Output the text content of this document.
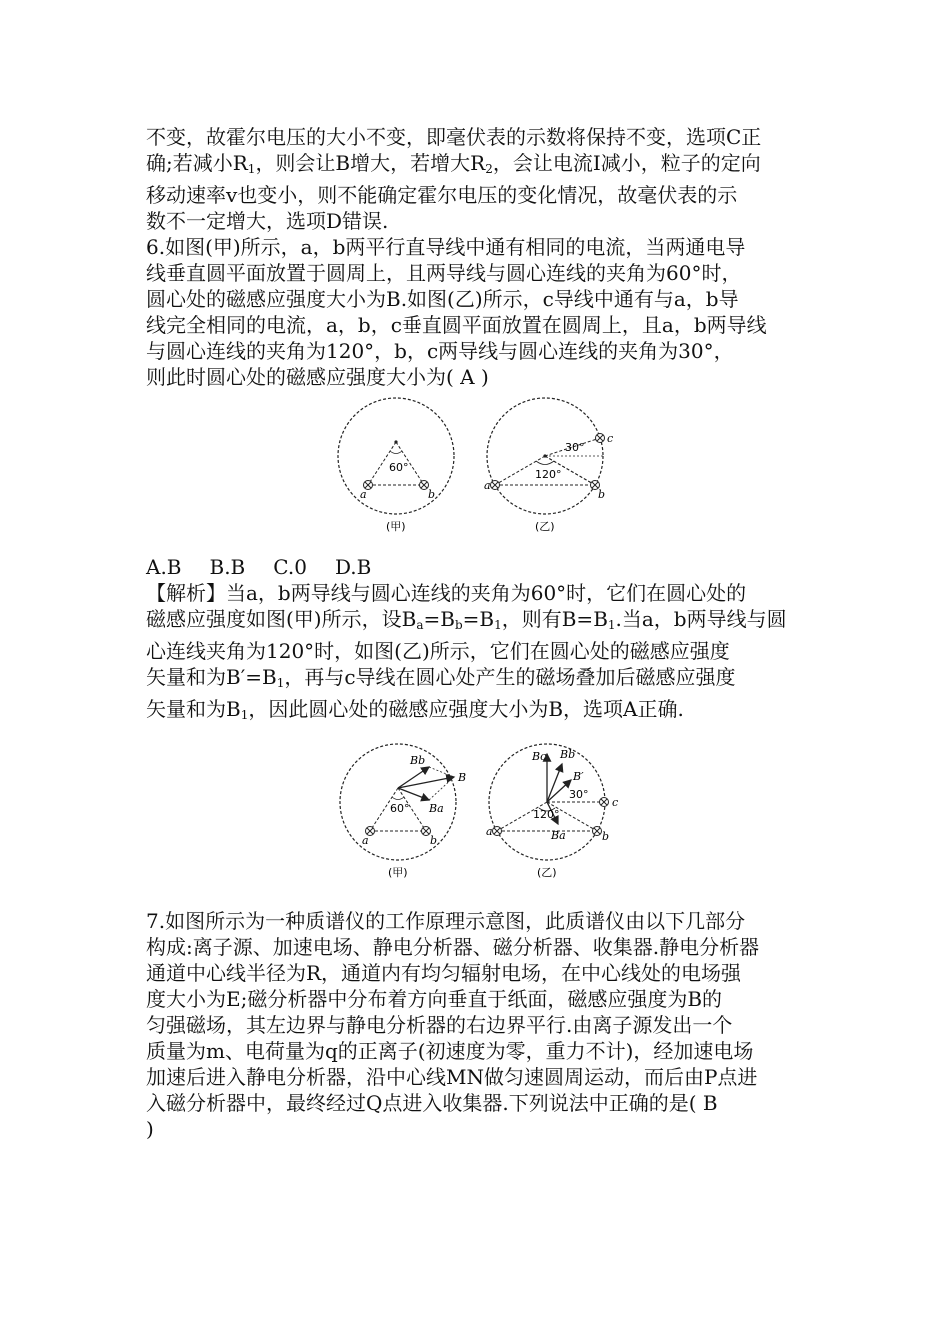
不变，故霍尔电压的大小不变，即毫伏表的示数将保持不变，选项C正

确;若减小$R_1$，则会让B增大，若增大$R_2$，会让电流I减小，粒子的定向

移动速率v也变小，则不能确定霍尔电压的变化情况，故毫伏表的示

数不一定增大，选项D错误.

6.如图(甲)所示，a，b两平行直导线中通有相同的电流，当两通电导

线垂直圆平面放置于圆周上，且两导线与圆心连线的夹角为60°时，

圆心处的磁感应强度大小为B.如图(乙)所示，c导线中通有与a，b导

线完全相同的电流，a，b，c垂直圆平面放置在圆周上，且a，b两导线

与圆心连线的夹角为120°，b，c两导线与圆心连线的夹角为30°，

则此时圆心处的磁感应强度大小为( A )

60°
a	b
(甲)
120°
30°
a
b
c
(乙)

A.B B.B C.0 D.B

【解析】当a，b两导线与圆心连线的夹角为60°时，它们在圆心处的

磁感应强度如图(甲)所示，设$B_a=B_b=B_1$，则有$B=B_1$.当a，b两导线与圆

心连线夹角为120°时，如图(乙)所示，它们在圆心处的磁感应强度

矢量和为$B'=B_1$，再与c导线在圆心处产生的磁场叠加后磁感应强度

矢量和为$B_1$，因此圆心处的磁感应强度大小为B，选项A正确.

Bb
Ba
B
60°
a	b
(甲)
Bc Bb
B′
Ba
120°
30°
a	b
c
(乙)

7.如图所示为一种质谱仪的工作原理示意图，此质谱仪由以下几部分

构成:离子源、加速电场、静电分析器、磁分析器、收集器.静电分析器

通道中心线半径为R，通道内有均匀辐射电场，在中心线处的电场强

度大小为E;磁分析器中分布着方向垂直于纸面，磁感应强度为B的

匀强磁场，其左边界与静电分析器的右边界平行.由离子源发出一个

质量为m、电荷量为q的正离子(初速度为零，重力不计)，经加速电场

加速后进入静电分析器，沿中心线MN做匀速圆周运动，而后由P点进

入磁分析器中，最终经过Q点进入收集器.下列说法中正确的是( B

)
